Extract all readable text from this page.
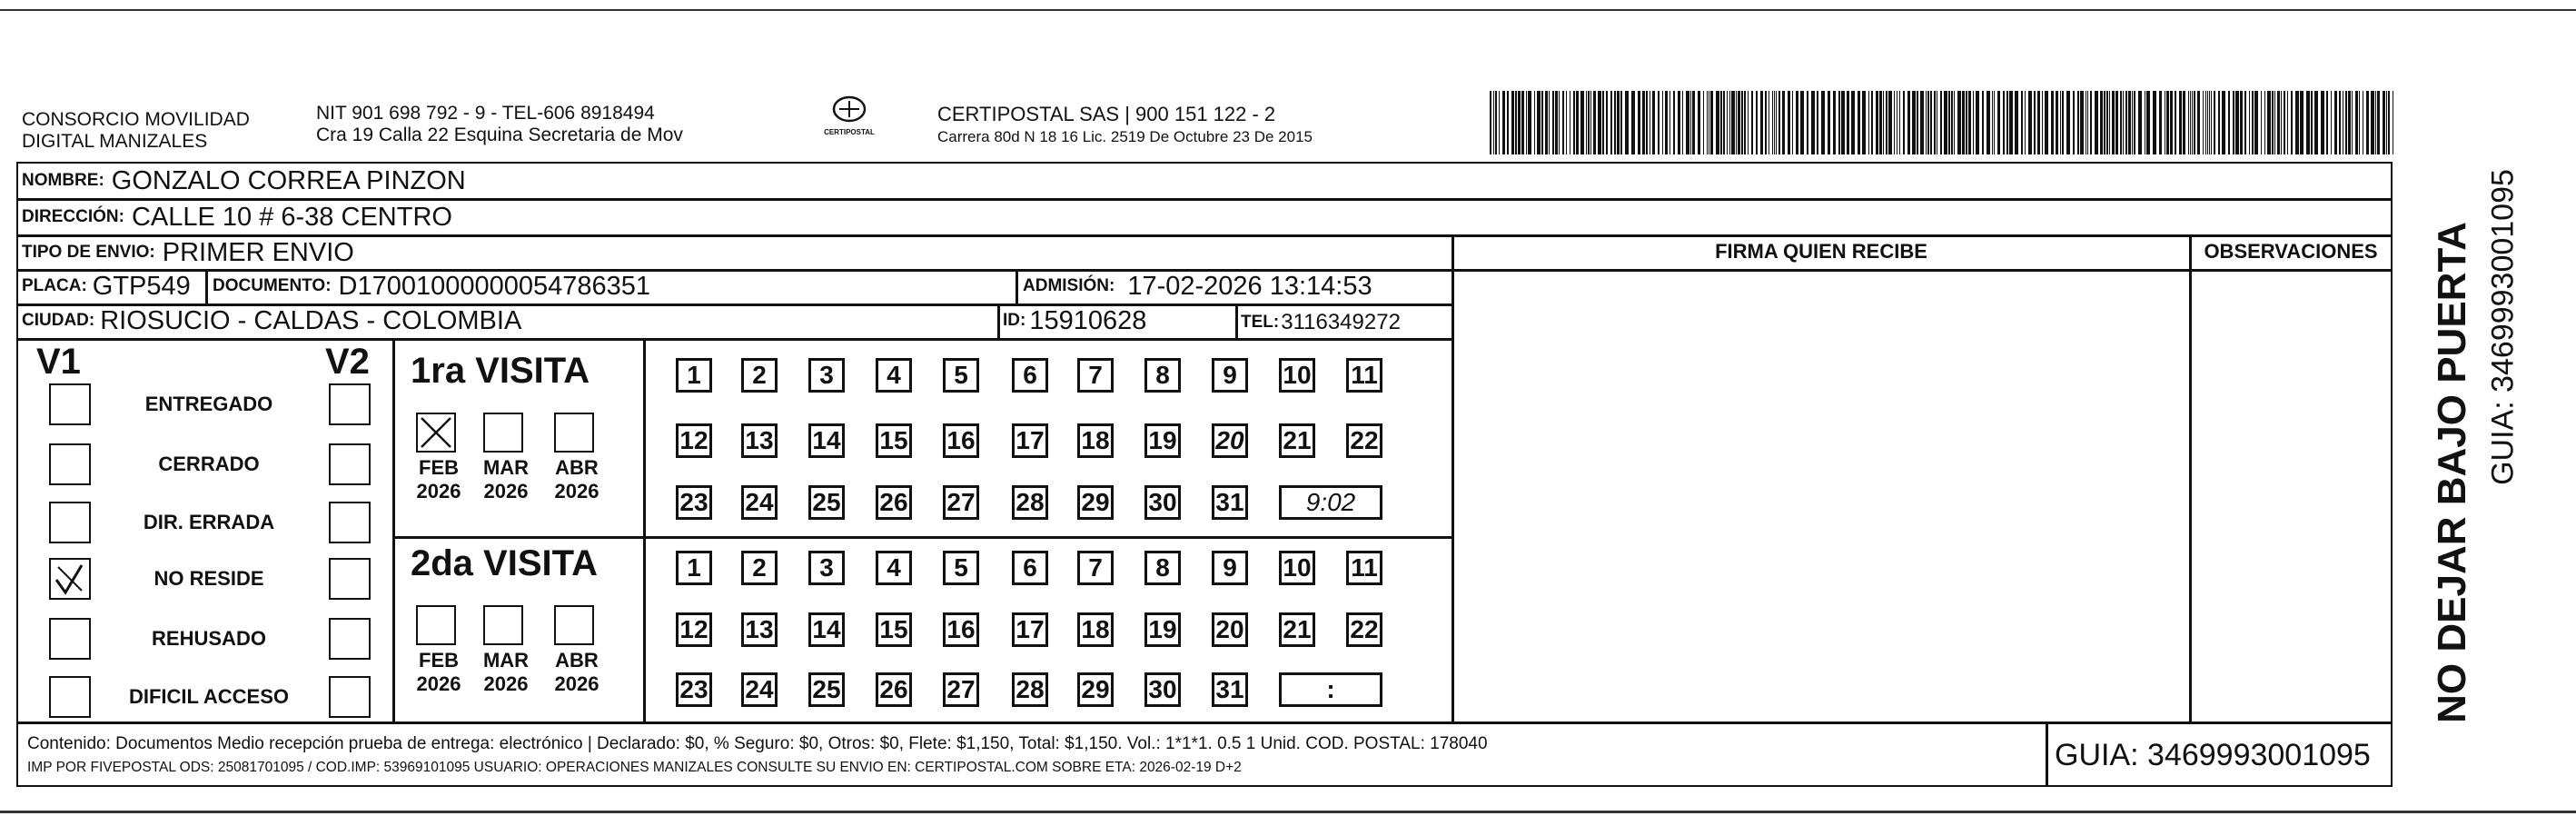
CONSORCIO MOVILIDAD
DIGITAL MANIZALES
NIT 901 698 792 - 9 - TEL-606 8918494
Cra 19 Calla 22 Esquina Secretaria de Mov	CERTIPOSTAL
CERTIPOSTAL SAS | 900 151 122 - 2
Carrera 80d N 18 16 Lic. 2519 De Octubre 23 De 2015
NOMBRE: GONZALO CORREA PINZON
DIRECCIÓN: CALLE 10 # 6-38 CENTRO
TIPO DE ENVIO: PRIMER ENVIO	FIRMA QUIEN RECIBE	OBSERVACIONES
PLACA: GTP549 DOCUMENTO: D17001000000054786351	ADMISIÓN: 17-02-2026 13:14:53
CIUDAD: RIOSUCIO - CALDAS - COLOMBIA	ID: 15910628	TEL: 3116349272
V1	V2
ENTREGADO
CERRADO
DIR. ERRADA
NO RESIDE
REHUSADO
DIFICIL ACCESO
1ra VISITA
2da VISITA
FEB
2026
MAR
2026
ABR
2026
1	2	3	4	5	6	7	8	9	10 11
12 13 14 15 16 17 18 19 20 21 22
23 24 25 26 27 28 29 30 31	9:02
FEB
2026
MAR
2026
ABR
2026
1	2	3	4	5	6	7	8	9	10 11
12 13 14 15 16 17 18 19 20 21 22
23 24 25 26 27 28 29 30 31	:
Contenido: Documentos Medio recepción prueba de entrega: electrónico | Declarado: $0, % Seguro: $0, Otros: $0, Flete: $1,150, Total: $1,150. Vol.: 1*1*1. 0.5 1 Unid. COD. POSTAL: 178040
IMP POR FIVEPOSTAL ODS: 25081701095 / COD.IMP: 53969101095 USUARIO: OPERACIONES MANIZALES CONSULTE SU ENVIO EN: CERTIPOSTAL.COM SOBRE ETA: 2026-02-19 D+2	GUIA: 3469993001095
NO DEJAR BAJO PUERTA GUIA: 3469993001095
